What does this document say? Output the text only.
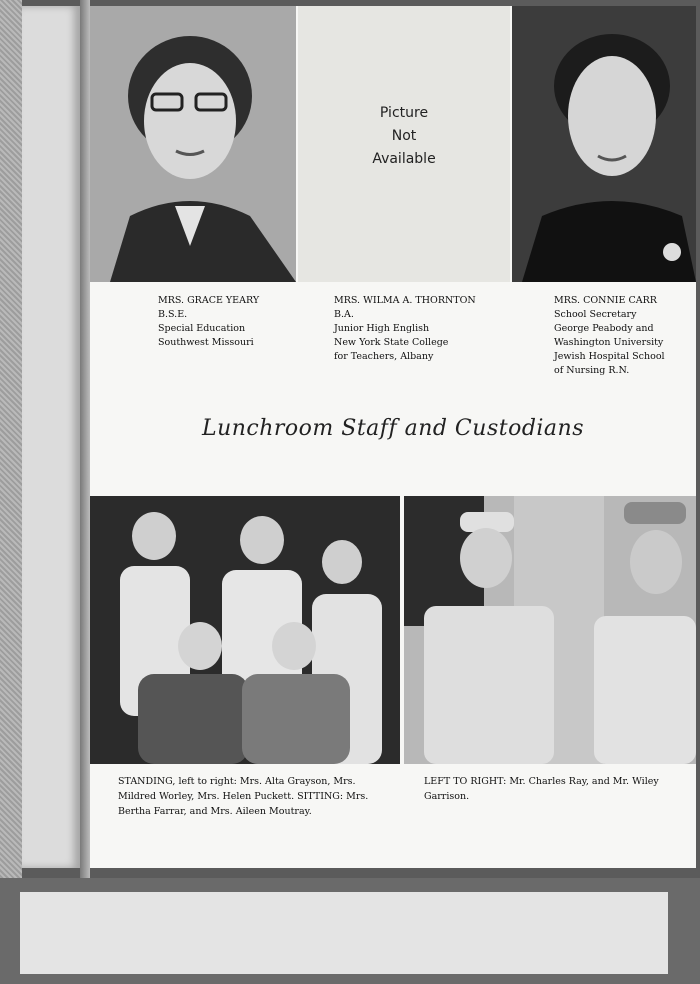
Picture
Not
Available
MRS. GRACE YEARY
B.S.E.
Special Education
Southwest Missouri
MRS. WILMA A. THORNTON
B.A.
Junior High English
New York State College
for Teachers, Albany
MRS. CONNIE CARR
School Secretary
George Peabody and
Washington University
Jewish Hospital School
of Nursing R.N.
Lunchroom Staff and Custodians
STANDING, left to right: Mrs. Alta Grayson, Mrs. Mildred Worley, Mrs. Helen Puckett. SITTING: Mrs. Bertha Farrar, and Mrs. Aileen Moutray.
LEFT TO RIGHT: Mr. Charles Ray, and Mr. Wiley Garrison.
